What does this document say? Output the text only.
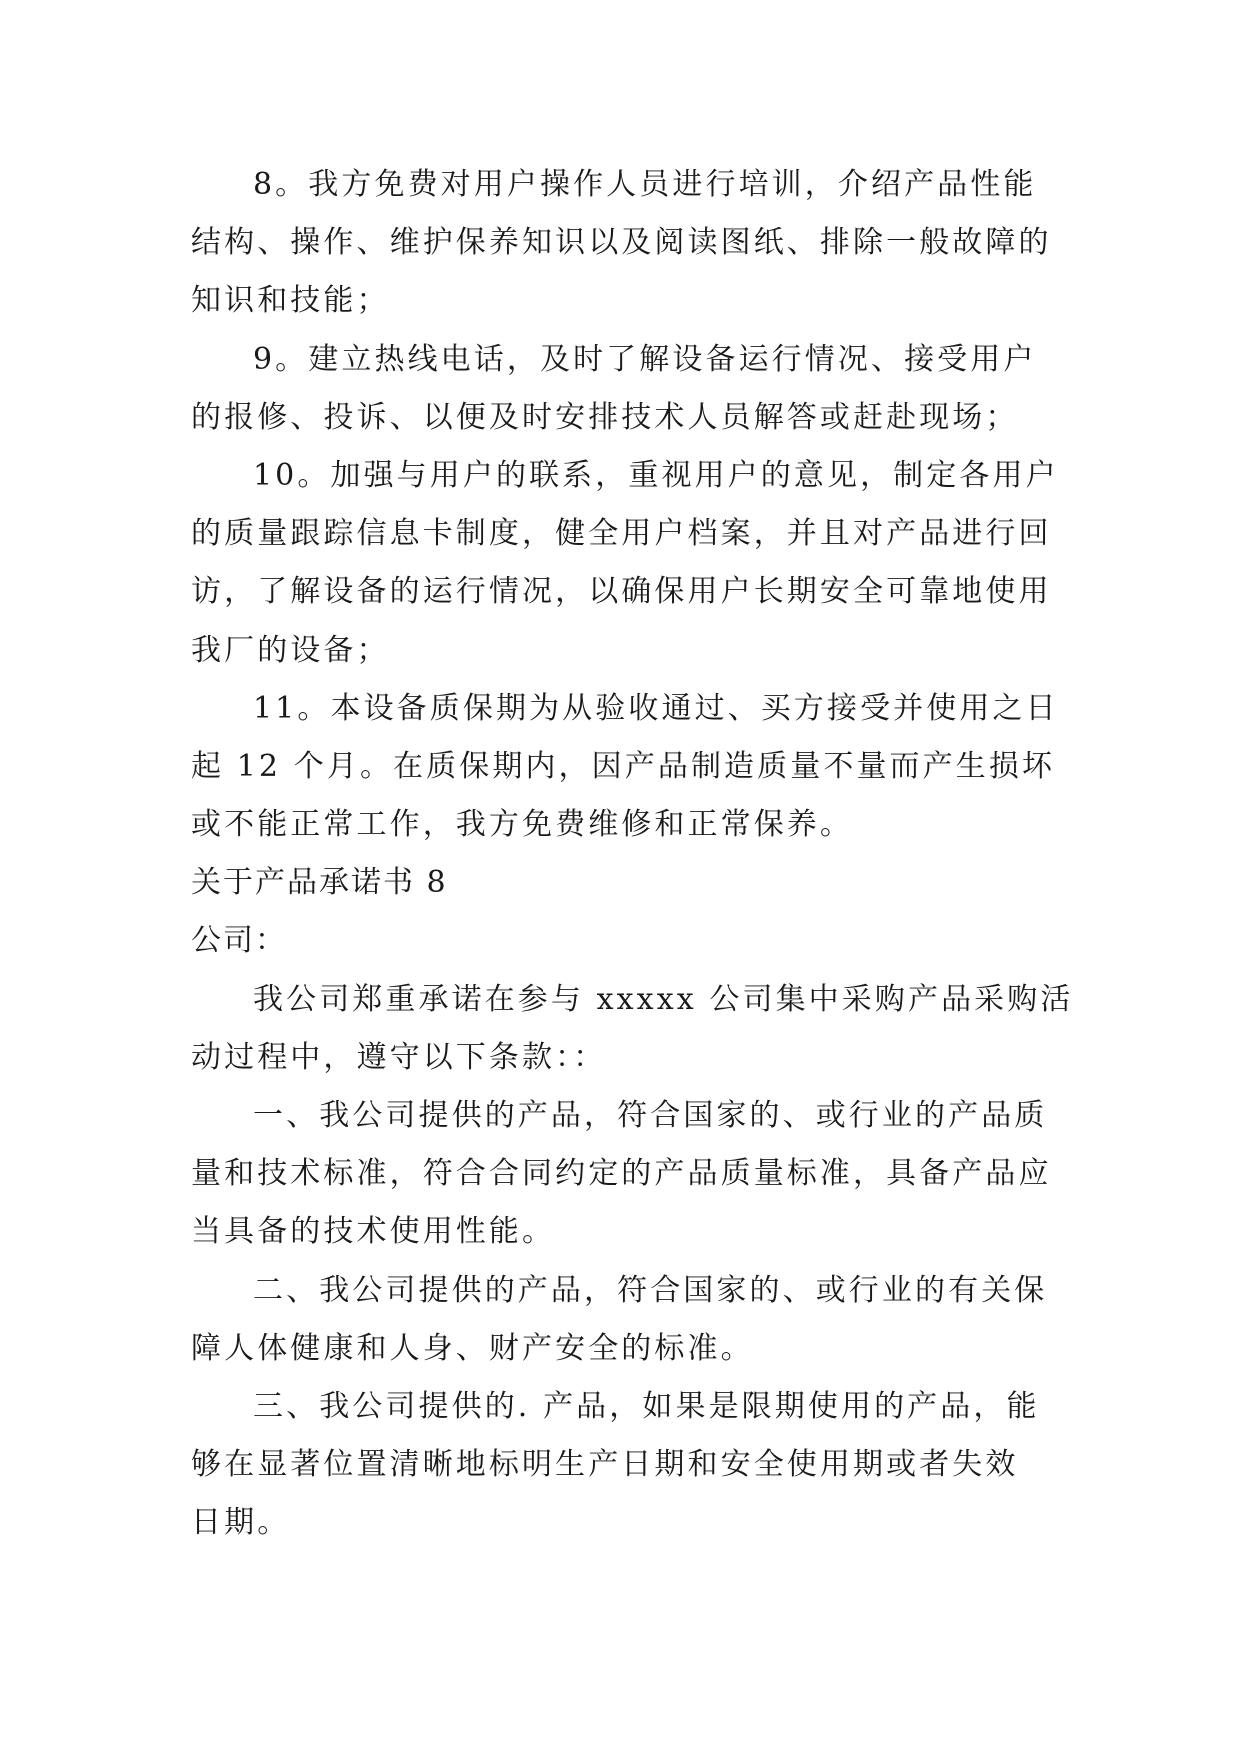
8。我方免费对用户操作人员进行培训，介绍产品性能
结构、操作、维护保养知识以及阅读图纸、排除一般故障的
知识和技能；
9。建立热线电话，及时了解设备运行情况、接受用户
的报修、投诉、以便及时安排技术人员解答或赶赴现场；
10。加强与用户的联系，重视用户的意见，制定各用户
的质量跟踪信息卡制度，健全用户档案，并且对产品进行回
访，了解设备的运行情况，以确保用户长期安全可靠地使用
我厂的设备；
11。本设备质保期为从验收通过、买方接受并使用之日
起 12 个月。在质保期内，因产品制造质量不量而产生损坏
或不能正常工作，我方免费维修和正常保养。
关于产品承诺书 8
公司：
我公司郑重承诺在参与 xxxxx 公司集中采购产品采购活
动过程中，遵守以下条款：：
一、我公司提供的产品，符合国家的、或行业的产品质
量和技术标准，符合合同约定的产品质量标准，具备产品应
当具备的技术使用性能。
二、我公司提供的产品，符合国家的、或行业的有关保
障人体健康和人身、财产安全的标准。
三、我公司提供的. 产品，如果是限期使用的产品，能
够在显著位置清晰地标明生产日期和安全使用期或者失效
日期。
